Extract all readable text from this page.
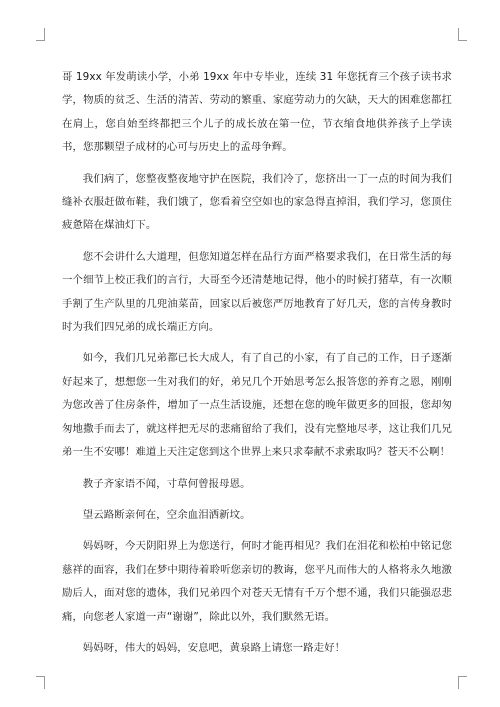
哥 19xx 年发萌读小学，小弟 19xx 年中专毕业，连续 31 年您抚育三个孩子读书求学，物质的贫乏、生活的清苦、劳动的繁重、家庭劳动力的欠缺，天大的困难您都扛在肩上，您自始至终都把三个儿子的成长放在第一位，节衣缩食地供养孩子上学读书，您那颗望子成材的心可与历史上的孟母争辉。

我们病了，您整夜整夜地守护在医院，我们冷了，您挤出一丁一点的时间为我们缝补衣服赶做布鞋，我们饿了，您看着空空如也的家急得直掉泪，我们学习，您顶住疲惫陪在煤油灯下。

您不会讲什么大道理，但您知道怎样在品行方面严格要求我们，在日常生活的每一个细节上校正我们的言行，大哥至今还清楚地记得，他小的时候打猪草，有一次顺手割了生产队里的几兜油菜苗，回家以后被您严厉地教育了好几天，您的言传身教时时为我们四兄弟的成长端正方向。

如今，我们几兄弟都已长大成人，有了自己的小家，有了自己的工作，日子逐渐好起来了，想想您一生对我们的好，弟兄几个开始思考怎么报答您的养育之恩，刚刚为您改善了住房条件，增加了一点生活设施，还想在您的晚年做更多的回报，您却匆匆地撒手而去了，就这样把无尽的悲痛留给了我们，没有完整地尽孝，这让我们几兄弟一生不安哪！难道上天注定您到这个世界上来只求奉献不求索取吗？苍天不公啊！

教子齐家语不闻，寸草何曾报母恩。

望云路断亲何在，空余血泪洒新坟。

妈妈呀，今天阴阳界上为您送行，何时才能再相见？我们在泪花和松柏中铭记您慈祥的面容，我们在梦中期待着聆听您亲切的教诲，您平凡而伟大的人格将永久地激励后人，面对您的遗体，我们兄弟四个对苍天无情有千万个想不通，我们只能强忍悲痛，向您老人家道一声“谢谢”，除此以外，我们默然无语。

妈妈呀，伟大的妈妈，安息吧，黄泉路上请您一路走好！
